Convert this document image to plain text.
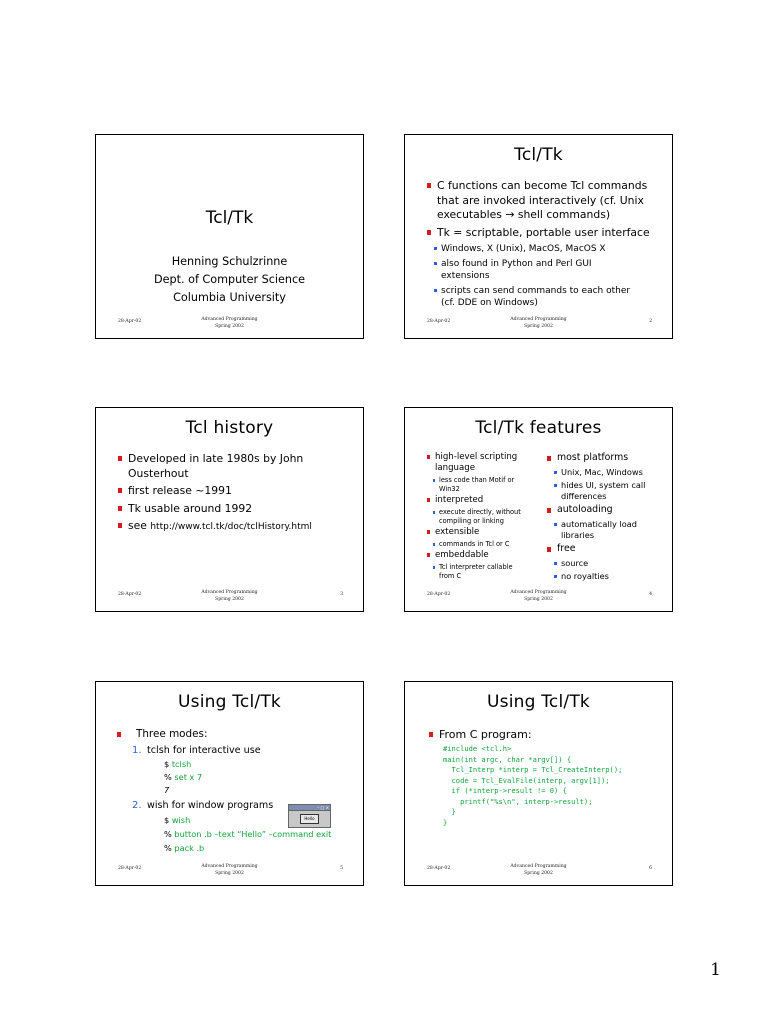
Tcl/Tk
Henning Schulzrinne
Dept. of Computer Science
Columbia University
28-Apr-02	Advanced Programming
Spring 2002
Tcl/Tk
C functions can become Tcl commands
that are invoked interactively (cf. Unix
executables → shell commands)
Tk = scriptable, portable user interface
Windows, X (Unix), MacOS, MacOS X
also found in Python and Perl GUI
extensions
scripts can send commands to each other
(cf. DDE on Windows)
28-Apr-02	Advanced Programming
Spring 2002
2
Tcl history
Developed in late 1980s by John
Ousterhout
first release ~1991
Tk usable around 1992
see http://www.tcl.tk/doc/tclHistory.html
28-Apr-02	Advanced Programming
Spring 2002
3
Tcl/Tk features
high-level scripting
language
less code than Motif or
Win32
interpreted
execute directly, without
compiling or linking
extensible
commands in Tcl or C
embeddable
Tcl interpreter callable
from C
most platforms
Unix, Mac, Windows
hides UI, system call
differences
autoloading
automatically load
libraries
free
source
no royalties
28-Apr-02	Advanced Programming
Spring 2002
4
Using Tcl/Tk
Three modes:
1. tclsh for interactive use
$ tclsh
% set x 7
7
2. wish for window programs
$ wish
% button .b –text “Hello” –command exit
% pack .b
– □ ×
Hello
28-Apr-02	Advanced Programming
Spring 2002
5
Using Tcl/Tk
From C program:
#include <tcl.h>
main(int argc, char *argv[]) {
Tcl_Interp *interp = Tcl_CreateInterp();
code = Tcl_EvalFile(interp, argv[1]);
if (*interp->result != 0) {
printf("%s\n", interp->result);
}
}
28-Apr-02	Advanced Programming
Spring 2002
6
1
